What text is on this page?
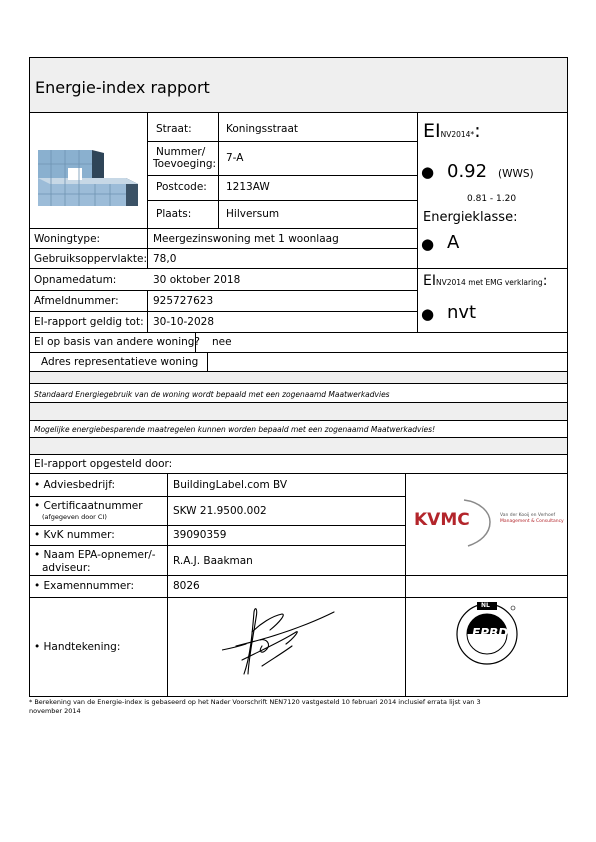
Energie-index rapport
Straat:	Koningsstraat
Nummer/
Toevoeging: 7-A
Postcode: 1213AW
Plaats:	Hilversum
EINV2014*:
● 0.92 (WWS)
0.81 - 1.20
Energieklasse:
● A
EINV2014 met EMG verklaring:
● nvt
Woningtype:	Meergezinswoning met 1 woonlaag
Gebruiksoppervlakte: 78,0
Opnamedatum:	30 oktober 2018
Afmeldnummer:	925727623
EI-rapport geldig tot: 30-10-2028
EI op basis van andere woning? nee
Adres representatieve woning
Standaard Energiegebruik van de woning wordt bepaald met een zogenaamd Maatwerkadvies
Mogelijke energiebesparende maatregelen kunnen worden bepaald met een zogenaamd Maatwerkadvies!
EI-rapport opgesteld door:
• Adviesbedrijf:	BuildingLabel.com BV
• Certificaatnummer
(afgegeven door CI)	SKW 21.9500.002
• KvK nummer:	39090359
• Naam EPA-opnemer/-
adviseur:
R.A.J. Baakman
• Examennummer:	8026
• Handtekening:
KVMC	Van der Kooij en Verhoef
Management & Consultancy
NL
EPBD
* Berekening van de Energie-index is gebaseerd op het Nader Voorschrift NEN7120 vastgesteld 10 februari 2014 inclusief errata lijst van 3
november 2014
